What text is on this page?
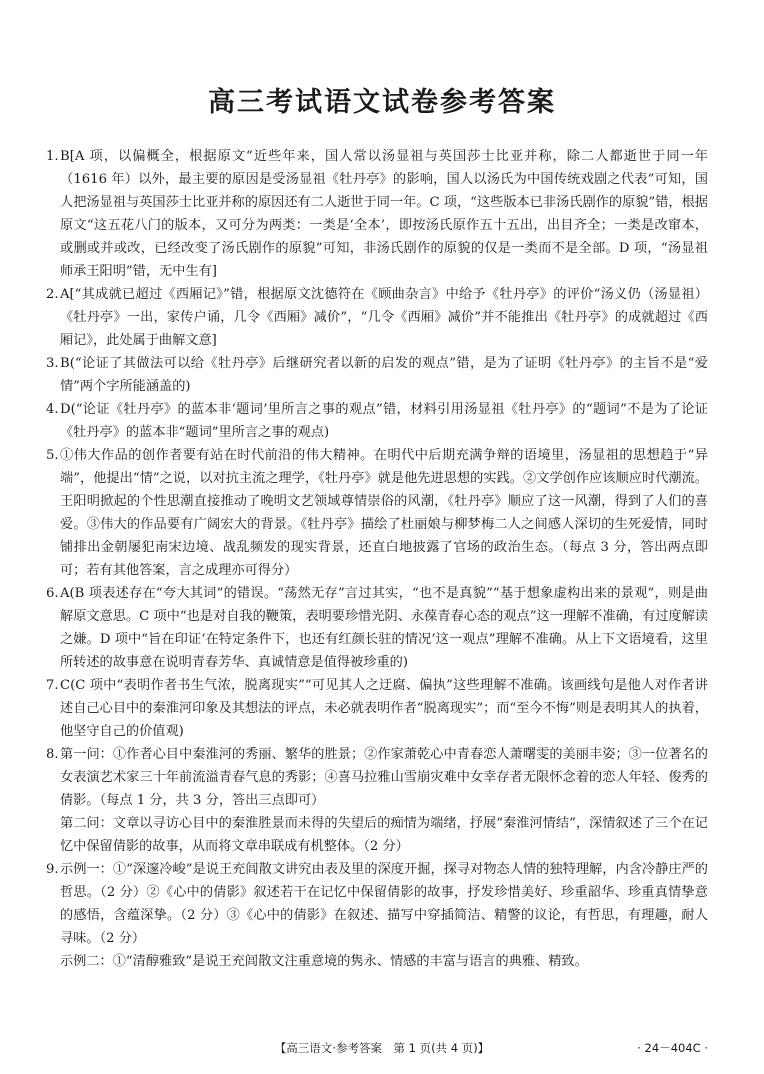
高三考试语文试卷参考答案
1. B[A 项，以偏概全，根据原文“近些年来，国人常以汤显祖与英国莎士比亚并称，除二人都逝世于同一年（1616 年）以外，最主要的原因是受汤显祖《牡丹亭》的影响，国人以汤氏为中国传统戏剧之代表”可知，国人把汤显祖与英国莎士比亚并称的原因还有二人逝世于同一年。C 项，“这些版本已非汤氏剧作的原貌”错，根据原文“这五花八门的版本，又可分为两类：一类是‘全本’，即按汤氏原作五十五出，出目齐全；一类是改窜本，或删或并或改，已经改变了汤氏剧作的原貌”可知，非汤氏剧作的原貌的仅是一类而不是全部。D 项，“汤显祖师承王阳明”错，无中生有]
2. A[“其成就已超过《西厢记》”错，根据原文沈德符在《顾曲杂言》中给予《牡丹亭》的评价“汤义仍（汤显祖）《牡丹亭》一出，家传户诵，几令《西厢》减价”，“几令《西厢》减价”并不能推出《牡丹亭》的成就超过《西厢记》，此处属于曲解文意]
3. B(“论证了其做法可以给《牡丹亭》后继研究者以新的启发的观点”错，是为了证明《牡丹亭》的主旨不是“爱情”两个字所能涵盖的)
4. D(“论证《牡丹亭》的蓝本非‘题词’里所言之事的观点”错，材料引用汤显祖《牡丹亭》的“题词”不是为了论证《牡丹亭》的蓝本非“题词”里所言之事的观点)
5. ①伟大作品的创作者要有站在时代前沿的伟大精神。在明代中后期充满争辩的语境里，汤显祖的思想趋于“异端”，他提出“情”之说，以对抗主流之理学，《牡丹亭》就是他先进思想的实践。②文学创作应该顺应时代潮流。王阳明掀起的个性思潮直接推动了晚明文艺领域尊情崇俗的风潮，《牡丹亭》顺应了这一风潮，得到了人们的喜爱。③伟大的作品要有广阔宏大的背景。《牡丹亭》描绘了杜丽娘与柳梦梅二人之间感人深切的生死爱情，同时铺排出金朝屡犯南宋边境、战乱频发的现实背景，还直白地披露了官场的政治生态。（每点 3 分，答出两点即可；若有其他答案，言之成理亦可得分）
6. A(B 项表述存在“夸大其词”的错误。“荡然无存”言过其实，“也不是真貌”“基于想象虚构出来的景观”，则是曲解原文意思。C 项中“也是对自我的鞭策，表明要珍惜光阴、永葆青春心态的观点”这一理解不准确，有过度解读之嫌。D 项中“旨在印证‘在特定条件下，也还有红颜长驻的情况’这一观点”理解不准确。从上下文语境看，这里所转述的故事意在说明青春芳华、真诚情意是值得被珍重的)
7. C(C 项中“表明作者书生气浓，脱离现实”“可见其人之迂腐、偏执”这些理解不准确。该画线句是他人对作者讲述自己心目中的秦淮河印象及其想法的评点，未必就表明作者“脱离现实”；而“至今不悔”则是表明其人的执着，他坚守自己的价值观)
8. 第一问：①作者心目中秦淮河的秀丽、繁华的胜景；②作家萧乾心中青春恋人萧曙雯的美丽丰姿；③一位著名的女表演艺术家三十年前流溢青春气息的秀影；④喜马拉雅山雪崩灾难中女幸存者无限怀念着的恋人年轻、俊秀的倩影。（每点 1 分，共 3 分，答出三点即可）
第二问：文章以寻访心目中的秦淮胜景而未得的失望后的痴情为端绪，抒展“秦淮河情结”，深情叙述了三个在记忆中保留倩影的故事，从而将文章串联成有机整体。（2 分）
9. 示例一：①“深邃冷峻”是说王充闾散文讲究由表及里的深度开掘，探寻对物态人情的独特理解，内含冷静庄严的哲思。（2 分）②《心中的倩影》叙述若干在记忆中保留倩影的故事，抒发珍惜美好、珍重韶华、珍重真情挚意的感悟，含蕴深挚。（2 分）③《心中的倩影》在叙述、描写中穿插简洁、精警的议论，有哲思，有理趣，耐人寻味。（2 分）
示例二：①“清醇雅致”是说王充闾散文注重意境的隽永、情感的丰富与语言的典雅、精致。
【高三语文·参考答案　第 1 页(共 4 页)】	· 24－404C ·
